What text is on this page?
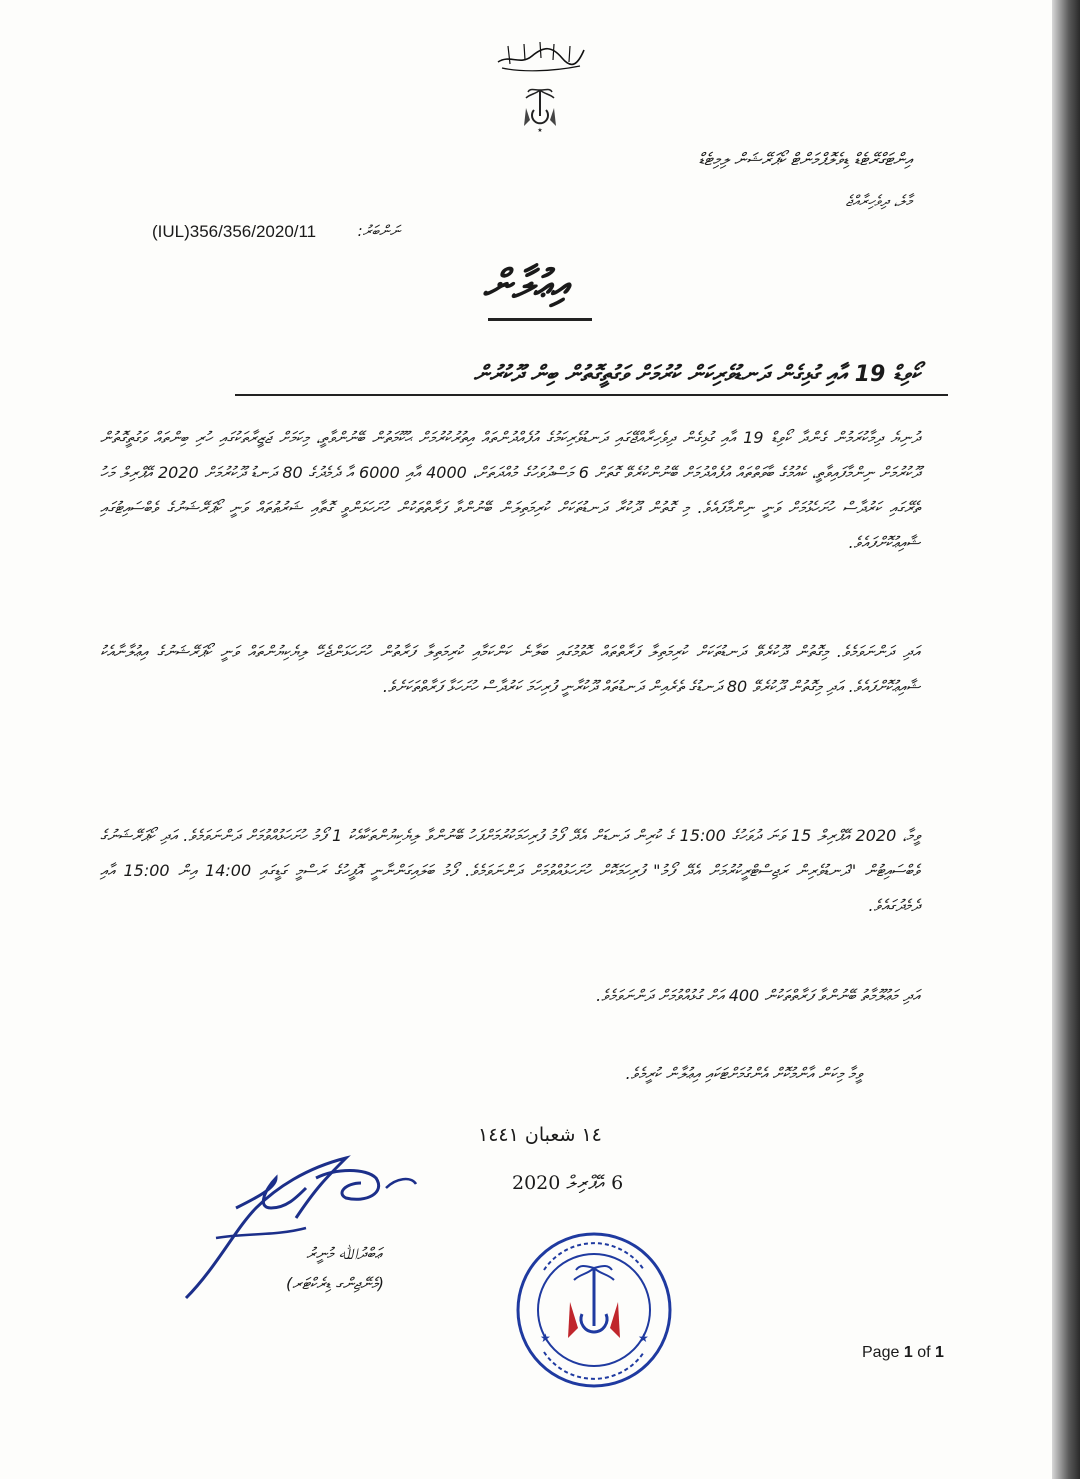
★
އިންޓަގްރޭޓެޑް ޑިވެލޮޕްމަންޓް ކޯޕަރޭޝަން ލިމިޓެޑް
މާލެ، ދިވެހިރާއްޖެ
ނަންބަރު:
(IUL)356/356/2020/11
އިޢުލާން
ކޯވިޑް 19 އާއި ގުޅިގެން ދަނޑުވެރިކަން ކުރުމަށް ވަގުތީގޮތުން ބިން ދޫކުރުން

ދުނިޔެ ދިމާކުރަމުން ގެންދާ ކޯވިޑް 19 އާއި ގުޅިގެން ދިވެހިރާއްޖޭގައި ދަނޑުވެރިކަމުގެ އުފެއްދުންތައް އިތުރުކުރުމަށް ޙުކޫމަތުން ބޭނުންވާތީ، މިކަމަށް ޖަޒީރާތަކުގައި ހުރި ބިންތައް ވަގުތީގޮތުން ދޫކުރުމަށް ނިންމާފައިވާތީ، ކެއުމުގެ ބާވަތްތައް އުފެއްދުމަށް ބޭނުންކުރެވޭ ގޮތަށް 6 މަސްދުވަހުގެ މުއްދަތަށް، 4000 އާއި 6000 އާ ދެމެދުގެ 80 ދަނޑު ދޫކުރުމަށް 2020 އޭޕްރިލް މަހު ތެރޭގައި ކަރުދާސް ހުށަހެޅުމަށް ވަނީ ނިންމާފައެވެ. މި ގޮތުން ދޫކުރާ ދަނޑުތަކަށް ކުރިމަތިލަން ބޭނުންވާ ފަރާތްތަކުން ހުށަހަޅަންވީ ގޮތާއި ޝަރުޠުތައް ވަނީ ކޯޕަރޭޝަނުގެ ވެބްސައިޓުގައި ޝާއިޢުކޮށްފައެވެ.

އަދި ދަންނަވަމެވެ. މިގޮތުން ދޫކުރެވޭ ދަނޑުތަކަށް ކުރިމަތިލާ ފަރާތްތައް ހޮވުމުގައި ބަލާނެ ކަންކަމާއި ކުރިމަތިލާ ފަރާތުން ހުށަހަޅަންޖެހޭ ލިޔެކިޔުންތައް ވަނީ ކޯޕަރޭޝަނުގެ އިޢުލާނާއެކު ޝާއިޢުކޮށްފައެވެ. އަދި މިގޮތުން ދޫކުރެވޭ 80 ދަނޑުގެ ތެރެއިން ދަނޑުތައް ދޫކުރާނީ ފުރިހަމަ ކަރުދާސް ހުށަހަޅާ ފަރާތްތަކަށެވެ.

ވީމާ، 2020 އޭޕްރިލް 15 ވަނަ ދުވަހުގެ 15:00 ގެ ކުރިން ދަނޑަށް އެދޭ ފޯމު ފުރިހަމަކުރުމަށްފަހު ބޭނުންވާ ލިޔެކިޔުންތަކާއެކު 1 ފޯމު ހުށަހަޅުއްވުމަށް ދަންނަވަމެވެ. އަދި ކޯޕަރޭޝަނުގެ ވެބްސައިޓުން "ދަނޑުވެރިން ރަޖިސްޓްރީކުރުމަށް އެދޭ ފޯމު" ފުރިހަމަކޮށް ހުށަހަޅުއްވުމަށް ދަންނަވަމެވެ. ފޯމު ބަލައިގަންނާނީ އޮފީހުގެ ރަސްމީ ގަޑީގައި 14:00 އިން 15:00 އާއި ދެމެދުގައެވެ.

އަދި މަޢުލޫމާތު ބޭނުންވާ ފަރާތްތަކުން 400 އަށް ގުޅުއްވުމަށް ދަންނަވަމެވެ.

ވީމާ މިކަން އާންމުކޮށް އެންގުމަށްޓަކައި އިޢުލާން ކުރީމެވެ.
١٤ شعبان ١٤٤١
6 އޭޕްރިލް 2020
ޢަބްދުﷲ މުނީރު
(މެނޭޖިންގ ޑިރެކްޓަރ)
★	★
Page 1 of 1
